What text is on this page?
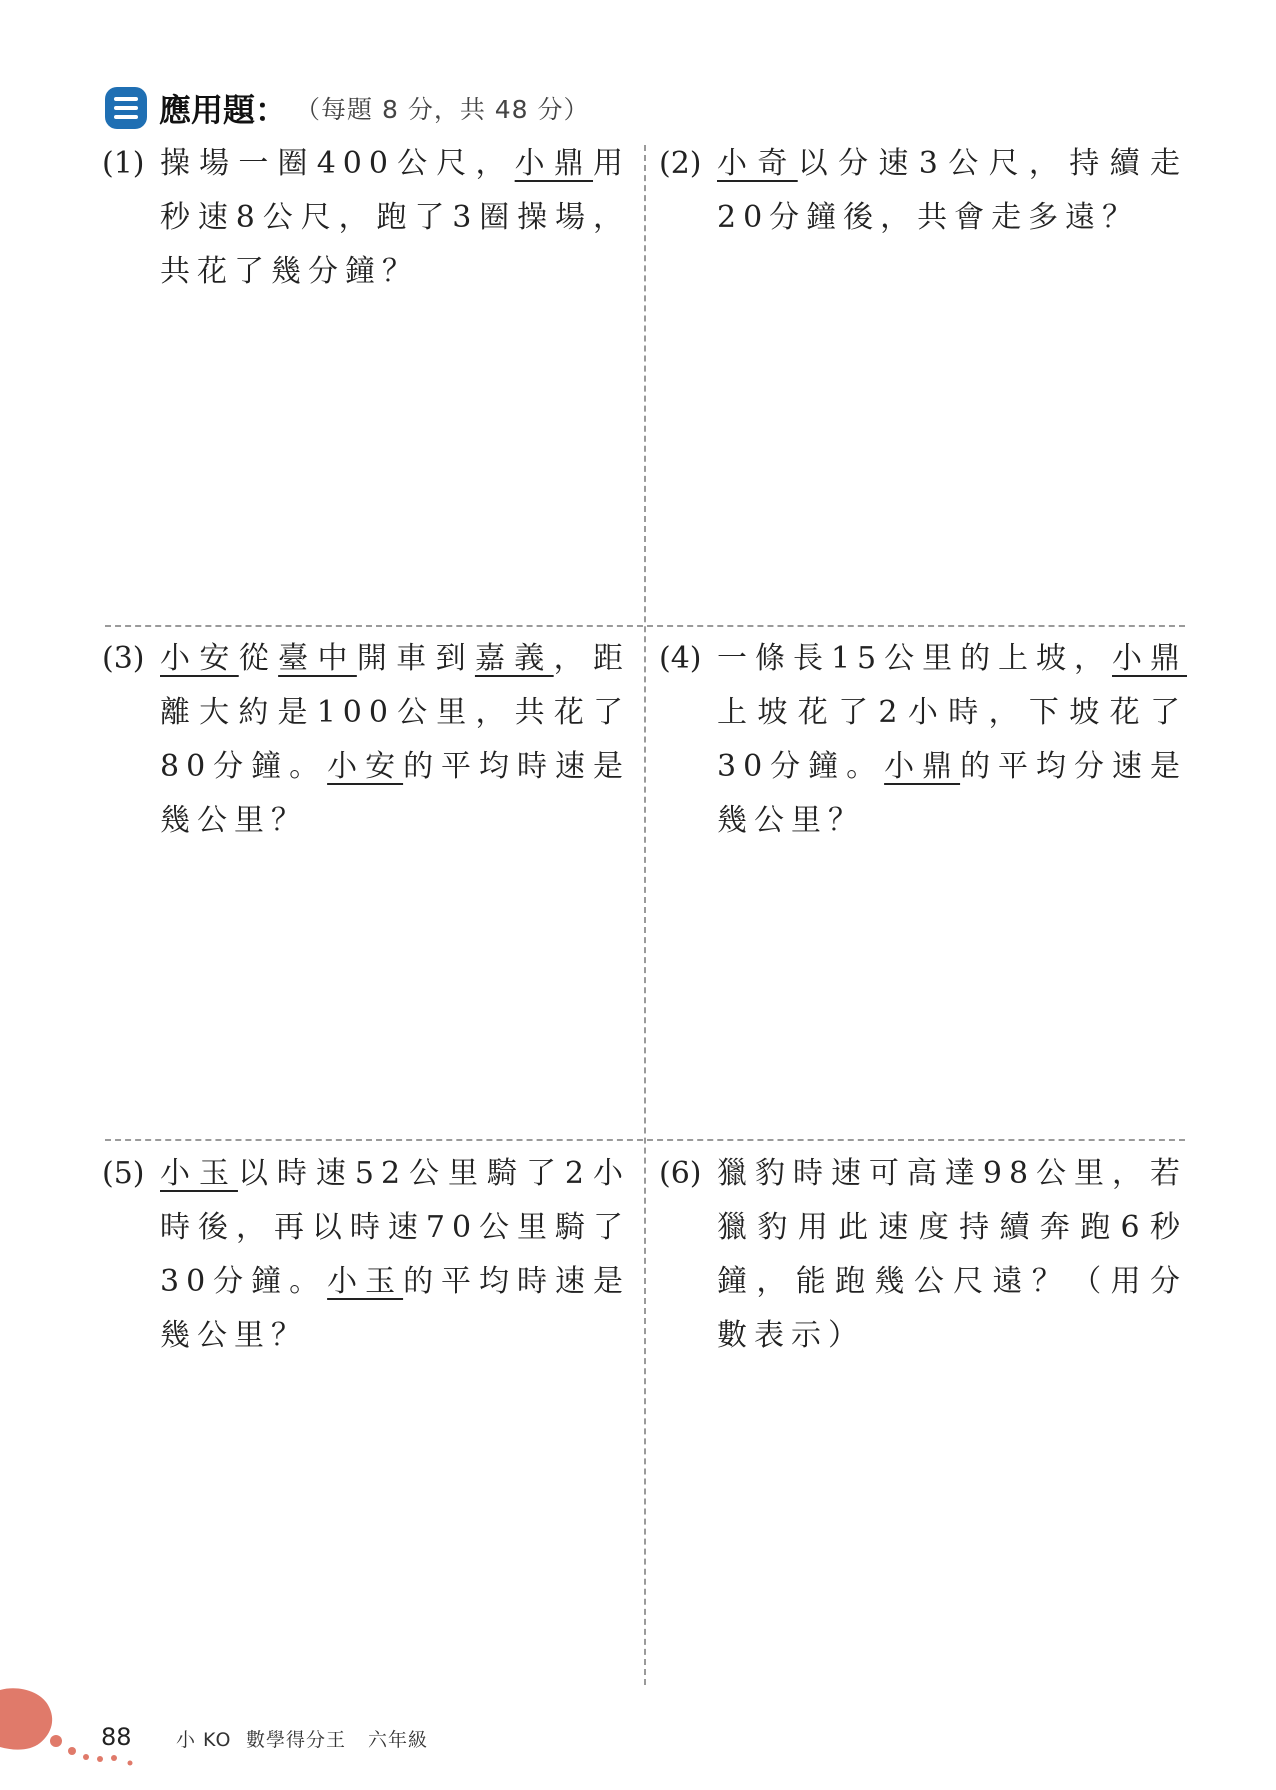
應用題 ： （每題 8 分，共 48 分）
(1) 操場一圈400公尺，小鼎用秒速8公尺，跑了3圈操場，共花了幾分鐘？
(2) 小奇以分速3公尺，持續走20分鐘後，共會走多遠？
(3) 小安從臺中開車到嘉義，距離大約是100公里，共花了80分鐘。小安的平均時速是幾公里？
(4) 一條長15公里的上坡，小鼎上坡花了2小時，下坡花了30分鐘。小鼎的平均分速是幾公里？
(5) 小玉以時速52公里騎了2小時後，再以時速70公里騎了30分鐘。小玉的平均時速是幾公里？
(6) 獵豹時速可高達98公里，若獵豹用此速度持續奔跑6秒鐘，能跑幾公尺遠？（用分數表示）
88 小 KO 數學得分王 六年級
